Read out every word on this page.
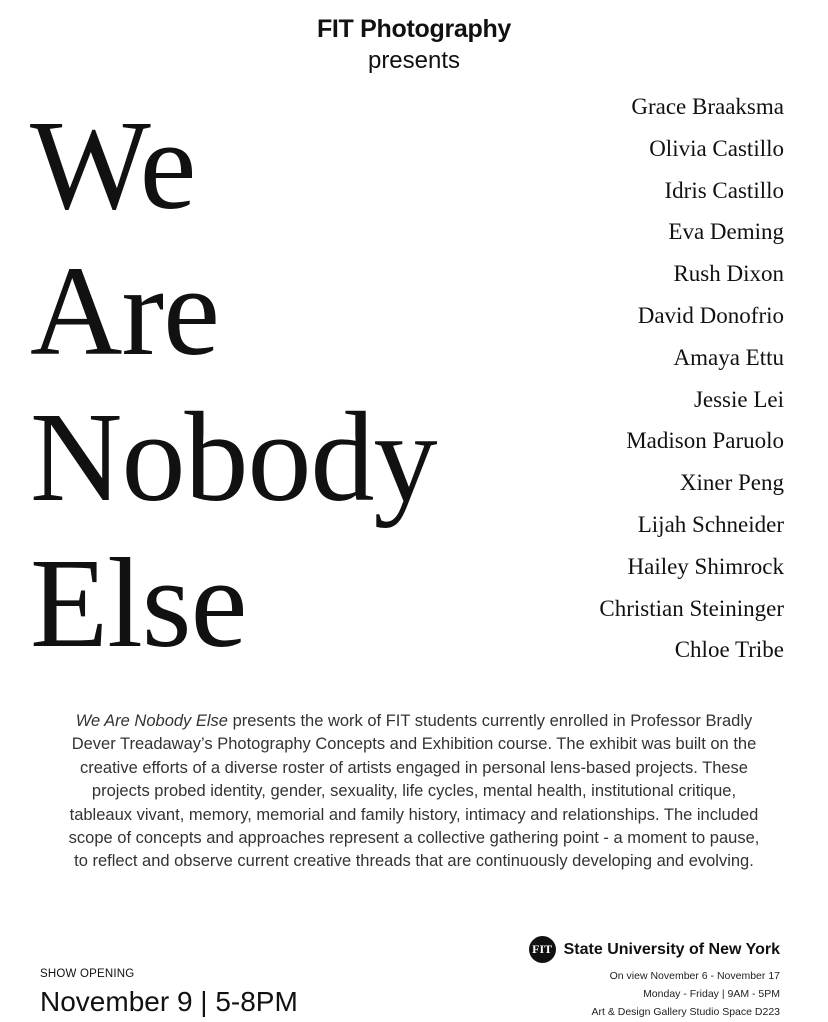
FIT Photography
presents
We
Are
Nobody
Else
Grace Braaksma
Olivia Castillo
Idris Castillo
Eva Deming
Rush Dixon
David Donofrio
Amaya Ettu
Jessie Lei
Madison Paruolo
Xiner Peng
Lijah Schneider
Hailey Shimrock
Christian Steininger
Chloe Tribe
We Are Nobody Else presents the work of FIT students currently enrolled in Professor Bradly Dever Treadaway’s Photography Concepts and Exhibition course. The exhibit was built on the creative efforts of a diverse roster of artists engaged in personal lens-based projects. These projects probed identity, gender, sexuality, life cycles, mental health, institutional critique, tableaux vivant, memory, memorial and family history, intimacy and relationships. The included scope of concepts and approaches represent a collective gathering point - a moment to pause, to reflect and observe current creative threads that are continuously developing and evolving.
SHOW OPENING
November 9 | 5-8PM
FIT State University of New York
On view November 6 - November 17
Monday - Friday | 9AM - 5PM
Art & Design Gallery Studio Space D223
